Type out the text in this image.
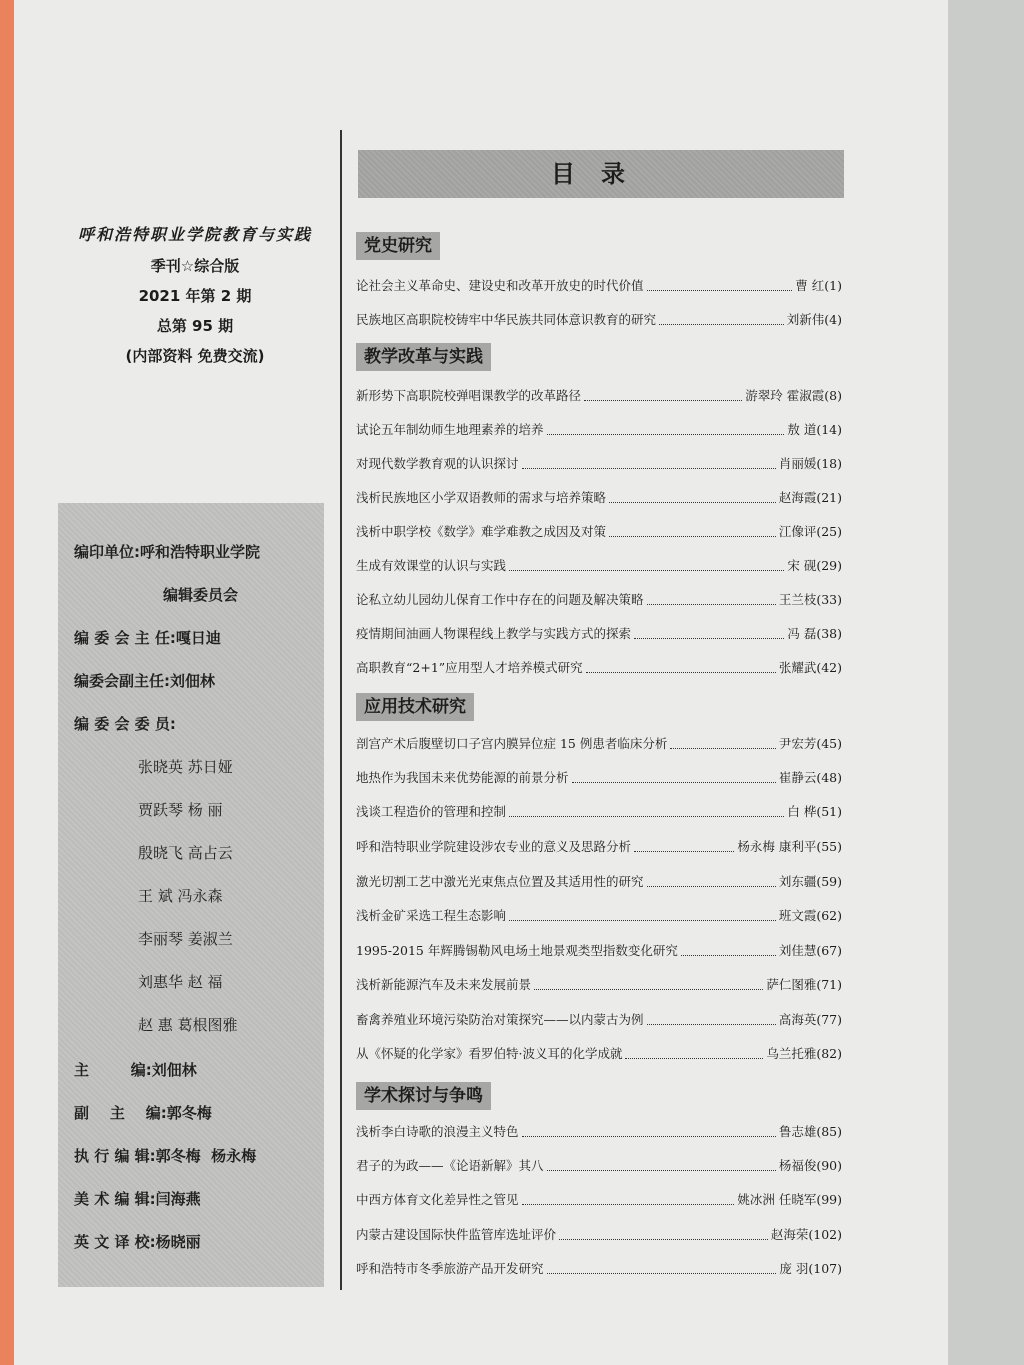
呼和浩特职业学院教育与实践
季刊☆综合版
2021 年第 2 期
总第 95 期
(内部资料 免费交流)
编印单位:呼和浩特职业学院
编辑委员会
编 委 会 主 任:嘎日迪
编委会副主任:刘佃林
编 委 会 委 员:
张晓英 苏日娅
贾跃琴 杨 丽
殷晓飞 高占云
王 斌 冯永森
李丽琴 姜淑兰
刘惠华 赵 福
赵 惠 葛根图雅
主        编:刘佃林
副    主    编:郭冬梅
执 行 编 辑:郭冬梅  杨永梅
美 术 编 辑:闫海燕
英 文 译 校:杨晓丽
目录
党史研究
论社会主义革命史、建设史和改革开放史的时代价值	曹 红 (1)
民族地区高职院校铸牢中华民族共同体意识教育的研究	刘新伟 (4)
教学改革与实践
新形势下高职院校弹唱课教学的改革路径	游翠玲 霍淑霞 (8)
试论五年制幼师生地理素养的培养	敖 道 (14)
对现代数学教育观的认识探讨	肖丽媛 (18)
浅析民族地区小学双语教师的需求与培养策略	赵海霞 (21)
浅析中职学校《数学》难学难教之成因及对策	江像评 (25)
生成有效课堂的认识与实践	宋 砚 (29)
论私立幼儿园幼儿保育工作中存在的问题及解决策略	王兰枝 (33)
疫情期间油画人物课程线上教学与实践方式的探索	冯 磊 (38)
高职教育“2+1”应用型人才培养模式研究	张耀武 (42)
应用技术研究
剖宫产术后腹壁切口子宫内膜异位症 15 例患者临床分析	尹宏芳 (45)
地热作为我国未来优势能源的前景分析	崔静云 (48)
浅谈工程造价的管理和控制	白 桦 (51)
呼和浩特职业学院建设涉农专业的意义及思路分析	杨永梅 康利平 (55)
激光切割工艺中激光光束焦点位置及其适用性的研究	刘东疆 (59)
浅析金矿采选工程生态影响	班文霞 (62)
1995-2015 年辉腾锡勒风电场土地景观类型指数变化研究	刘佳慧 (67)
浅析新能源汽车及未来发展前景	萨仁图雅 (71)
畜禽养殖业环境污染防治对策探究——以内蒙古为例	高海英 (77)
从《怀疑的化学家》看罗伯特·波义耳的化学成就	乌兰托雅 (82)
学术探讨与争鸣
浅析李白诗歌的浪漫主义特色	鲁志雄 (85)
君子的为政——《论语新解》其八	杨福俊 (90)
中西方体育文化差异性之管见	姚冰洲 任晓军 (99)
内蒙古建设国际快件监管库选址评价	赵海荣 (102)
呼和浩特市冬季旅游产品开发研究	庞 羽 (107)
